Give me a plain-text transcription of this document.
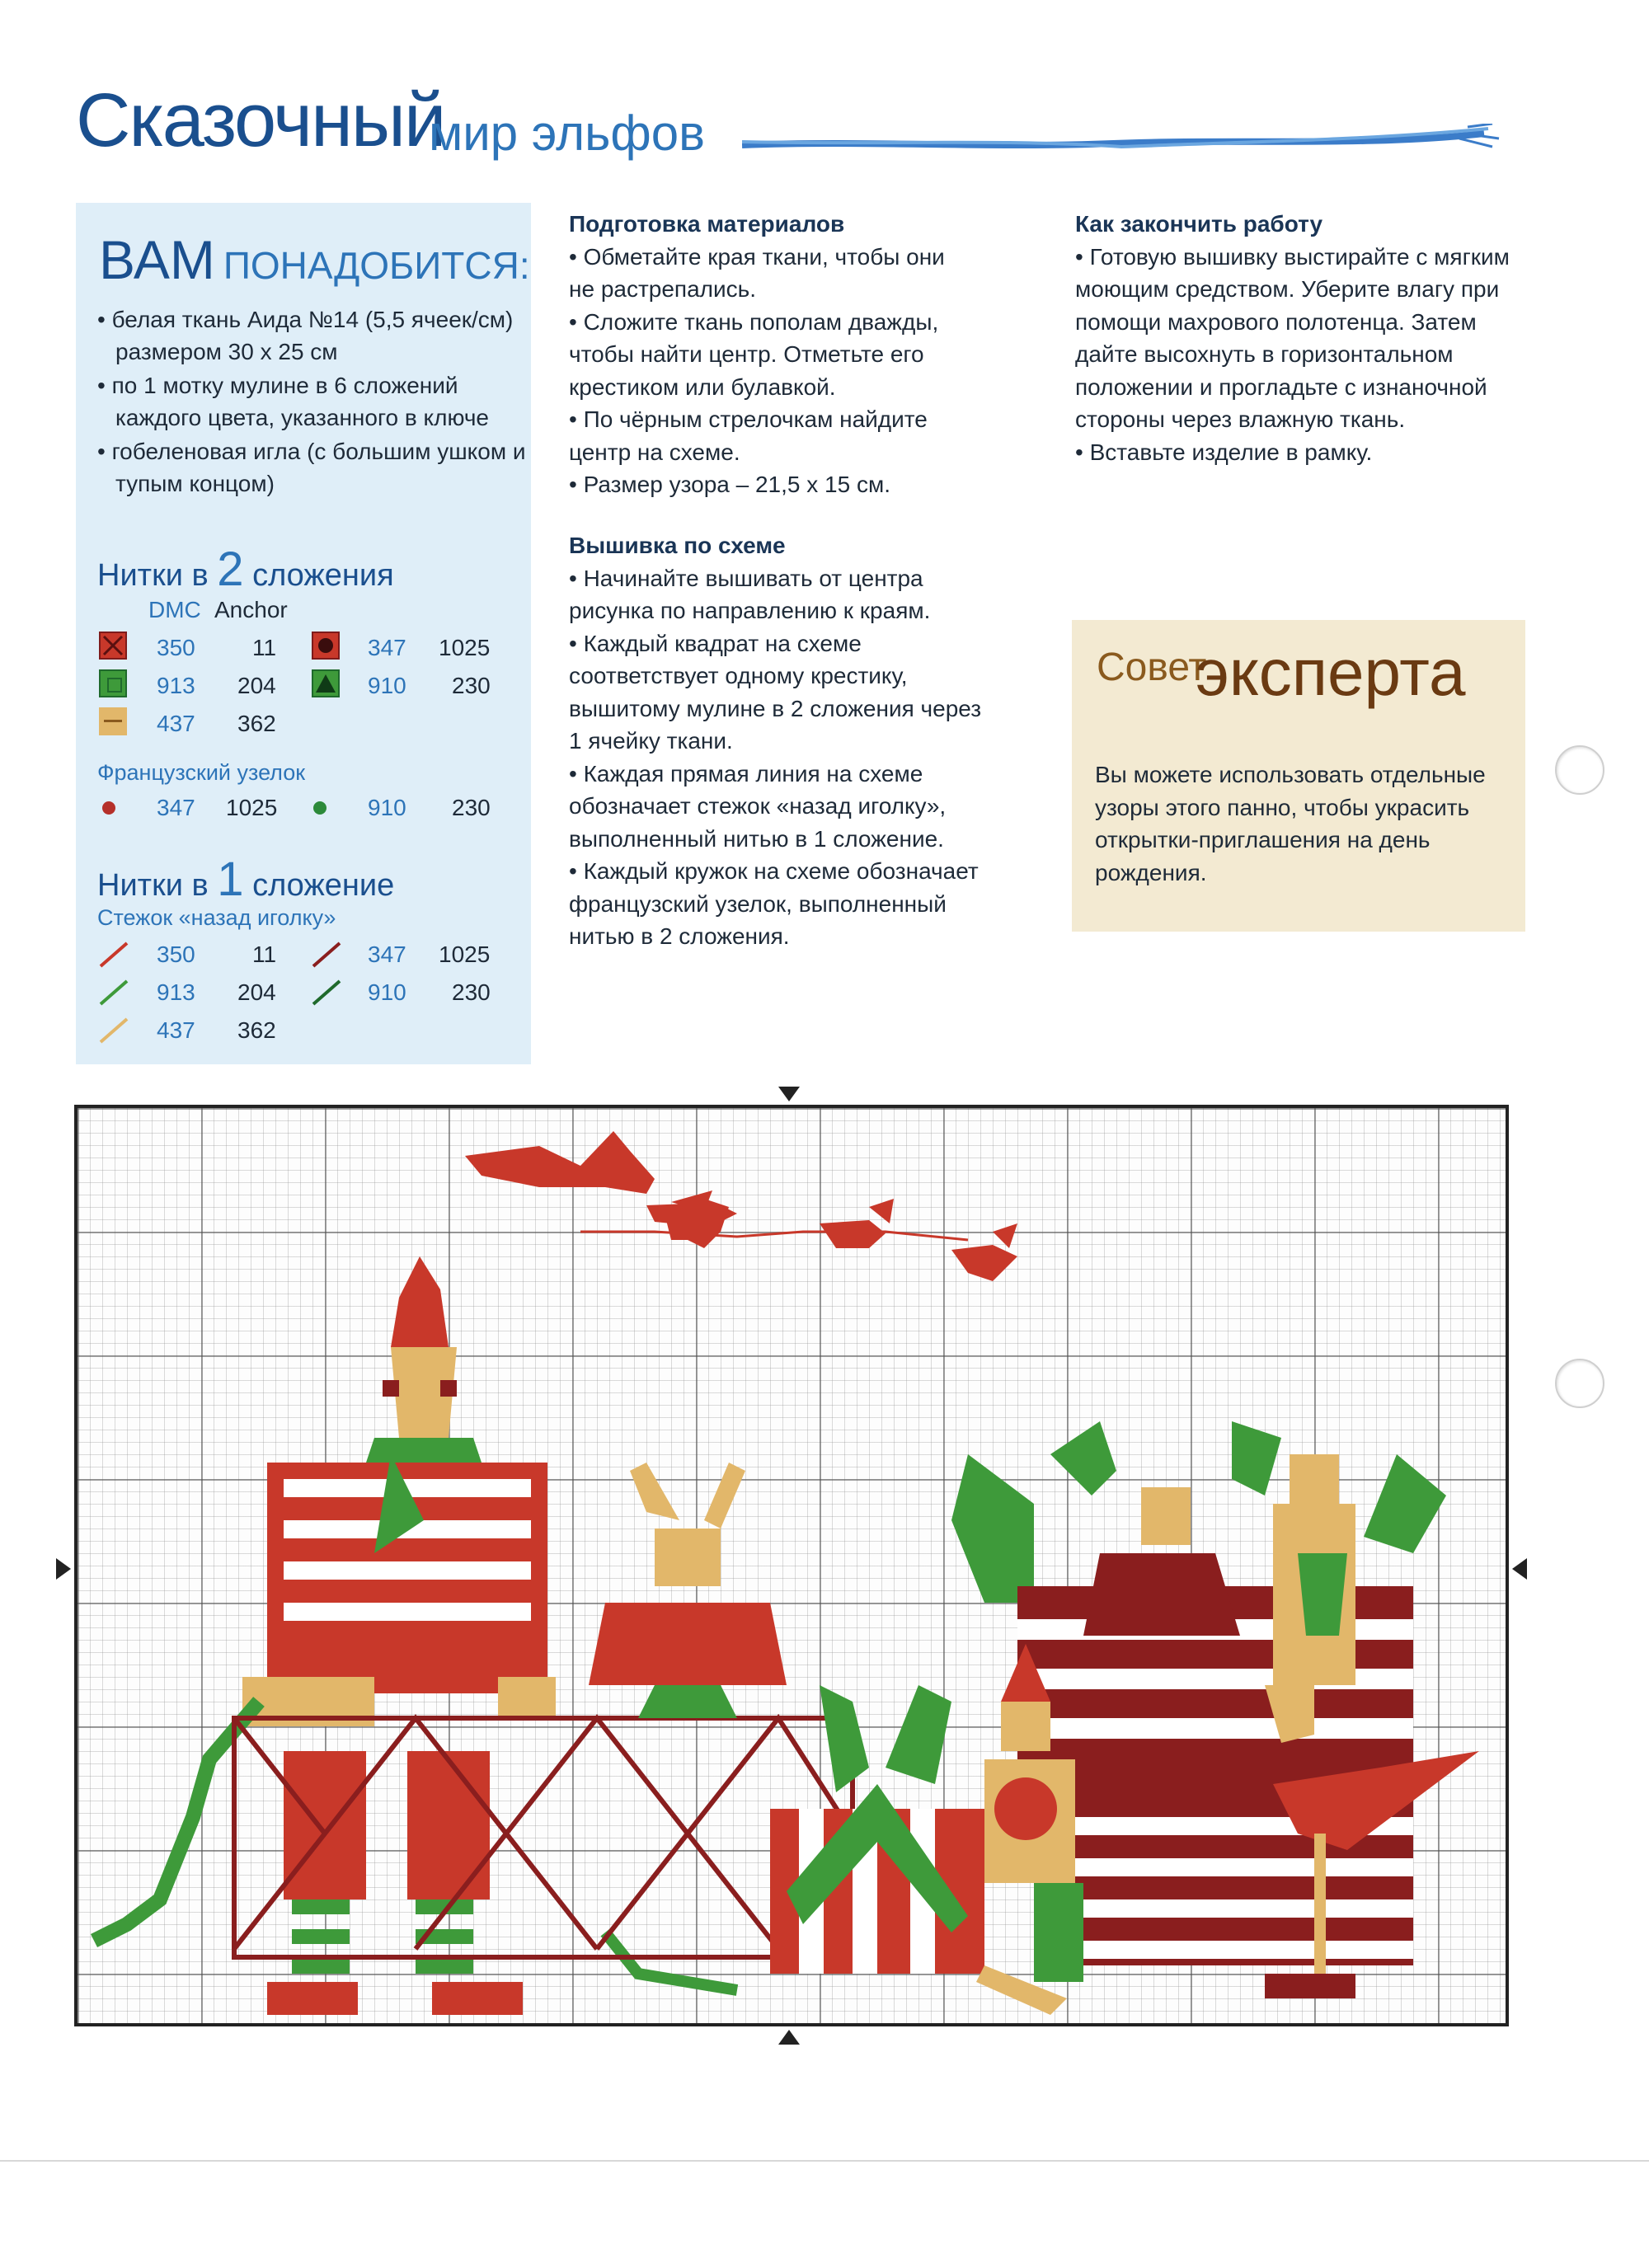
Сказочный
мир эльфов
ВАМ ПОНАДОБИТСЯ:
• белая ткань Аида №14 (5,5 ячеек/см) размером 30 х 25 см
• по 1 мотку мулине в 6 сложений каждого цвета, указанного в ключе
• гобеленовая игла (с большим ушком и тупым концом)
Нитки в 2 сложения
DMC Anchor
350 11
913 204
437 362
347 1025
910 230
Французский узелок
347 1025	910 230
Нитки в 1 сложение
Стежок «назад иголку»
350 11
913 204
437 362
347 1025
910 230
Подготовка материалов

• Обметайте края ткани, чтобы они не растрепались.

• Сложите ткань пополам дважды, чтобы найти центр. Отметьте его крестиком или булавкой.

• По чёрным стрелочкам найдите центр на схеме.

• Размер узора – 21,5 х 15 см.

Вышивка по схеме

• Начинайте вышивать от центра рисунка по направлению к краям.

• Каждый квадрат на схеме соответствует одному крестику, вышитому мулине в 2 сложения через 1 ячейку ткани.

• Каждая прямая линия на схеме обозначает стежок «назад иголку», выполненный нитью в 1 сложение.

• Каждый кружок на схеме обозначает французский узелок, выполненный нитью в 2 сложения.

Как закончить работу

• Готовую вышивку выстирайте с мягким моющим средством. Уберите влагу при помощи махрового полотенца. Затем дайте высохнуть в горизонтальном положении и прогладьте с изнаночной стороны через влажную ткань.

• Вставьте изделие в рамку.

Совет
эксперта
Вы можете использовать отдельные узоры этого панно, чтобы украсить открытки-приглашения на день рождения.
